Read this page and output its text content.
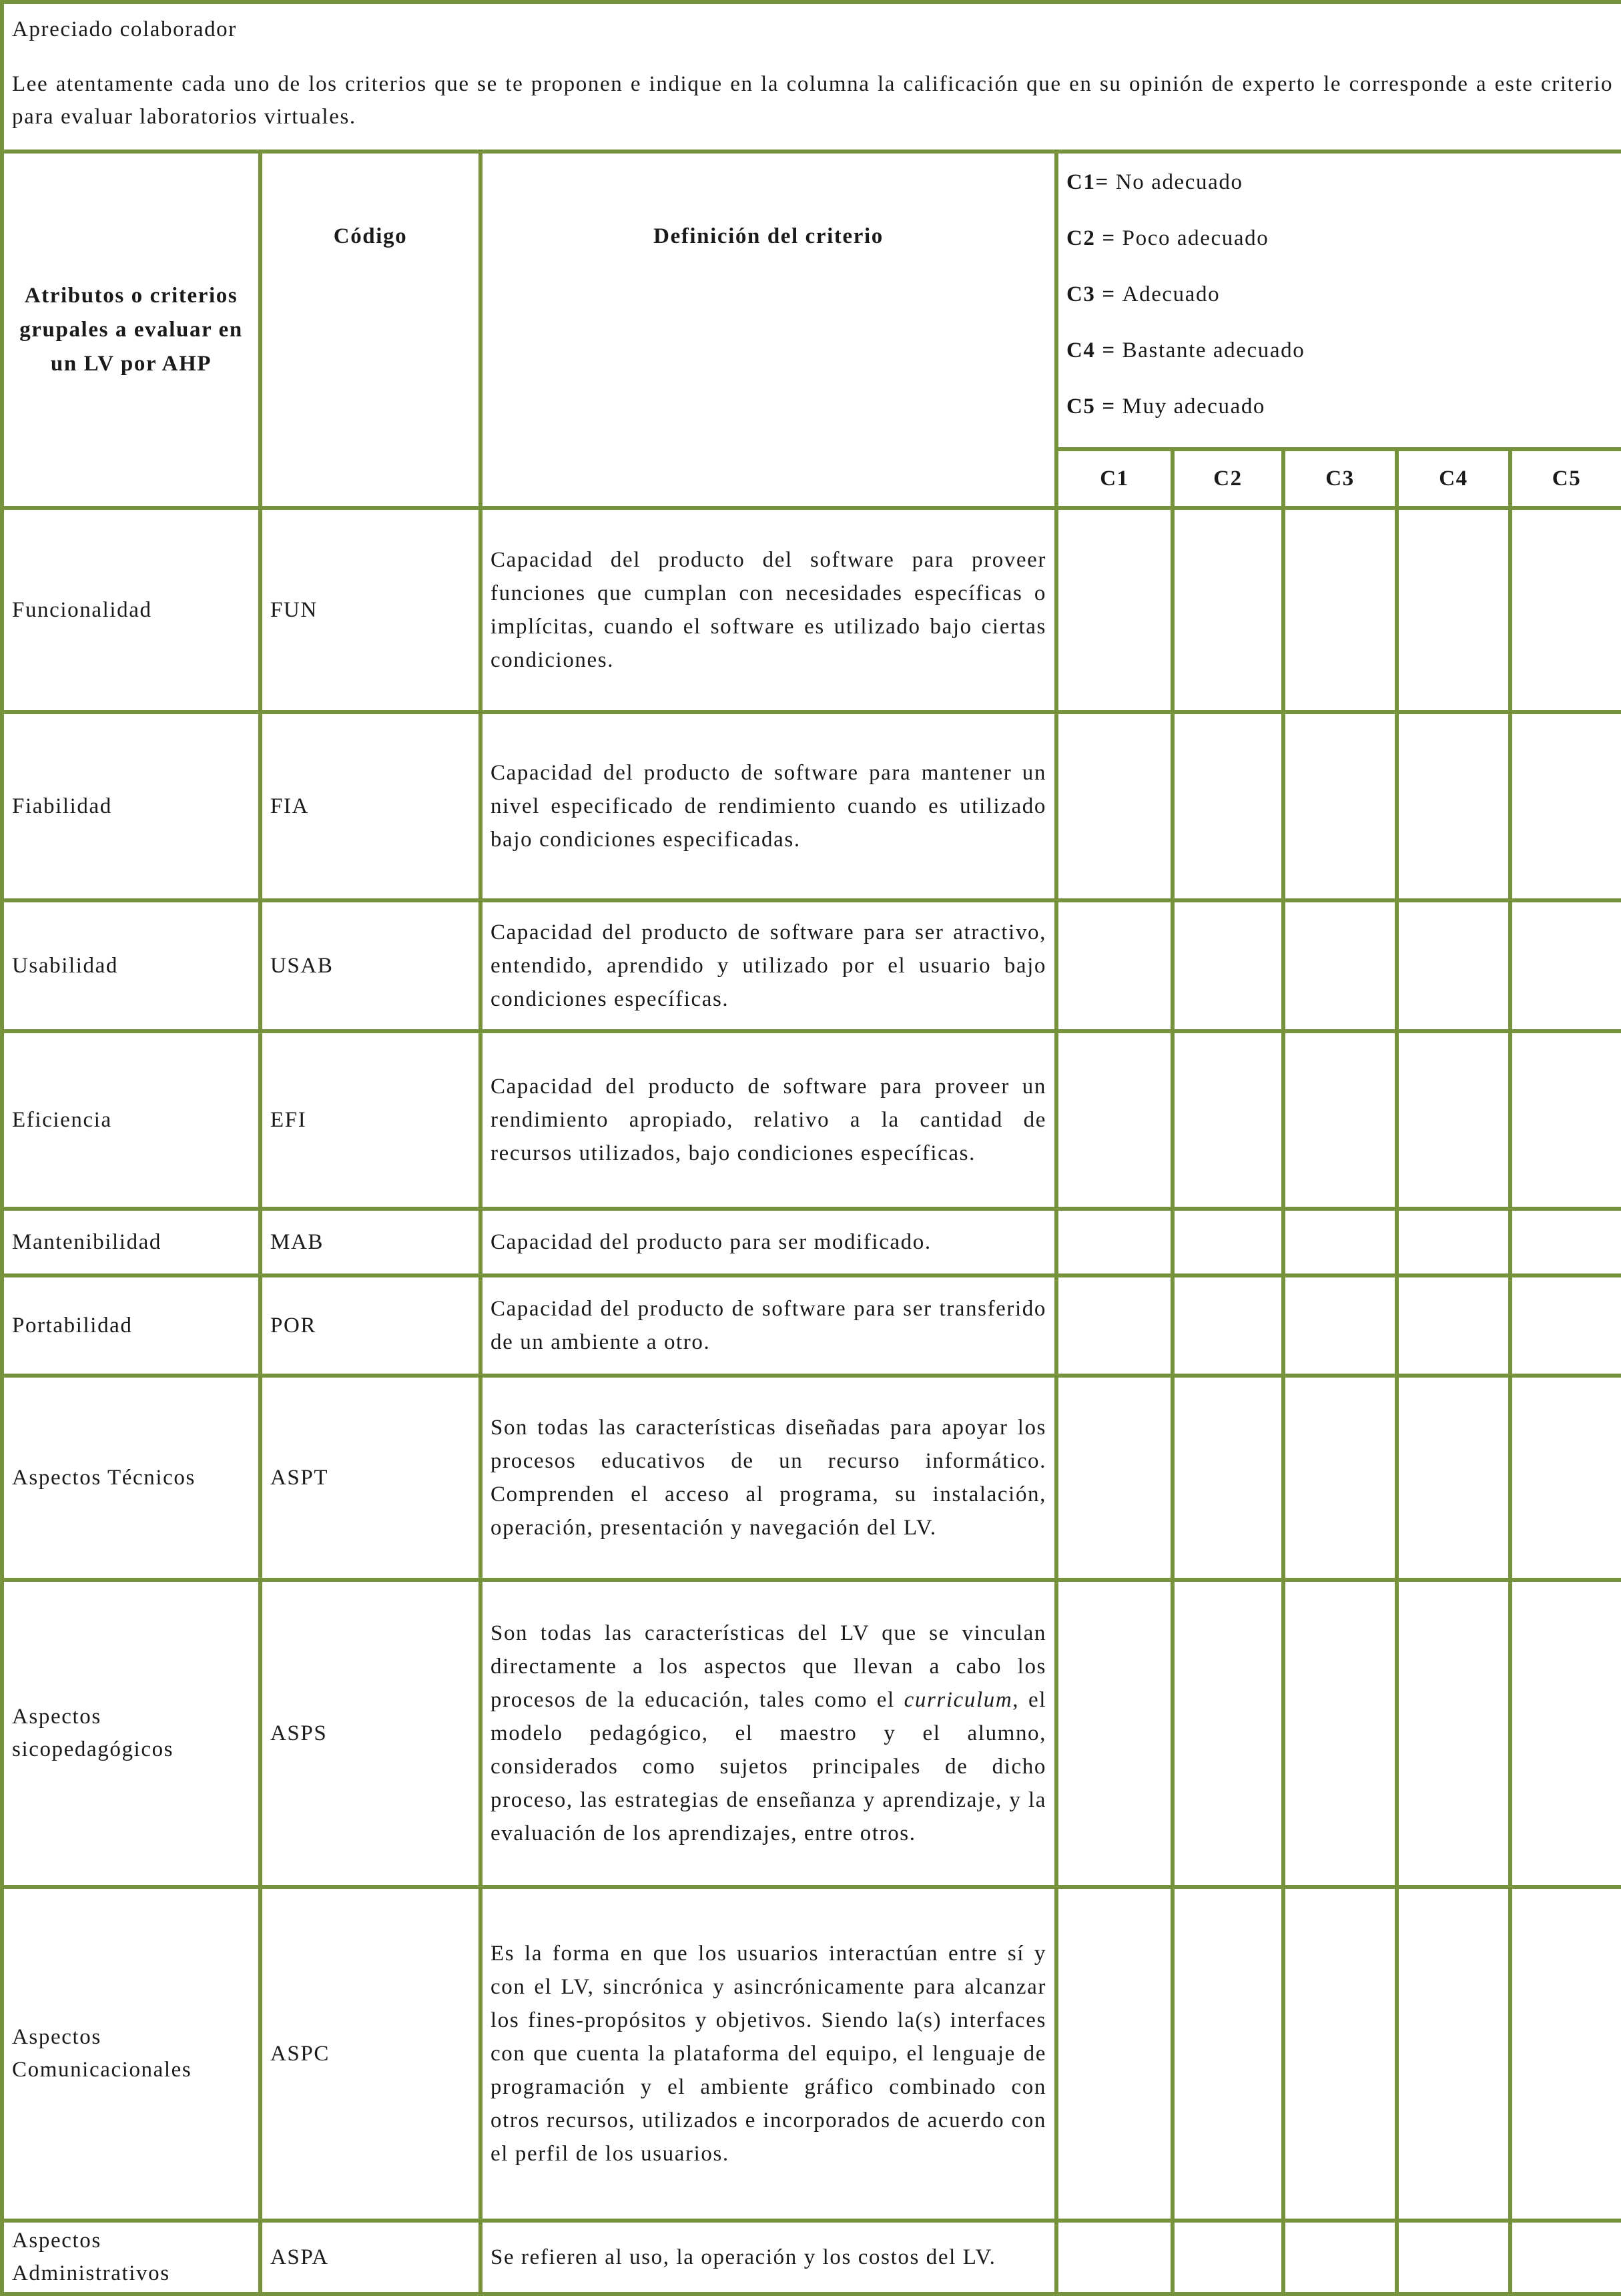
Apreciado colaborador

Lee atentamente cada uno de los criterios que se te proponen e indique en la columna la calificación que en su opinión de experto le corresponde a este criterio para evaluar laboratorios virtuales.							

Atributos o criterios grupales a evaluar en un LV por AHP	Código	Definición del criterio	C1= No adecuado
C2 = Poco adecuado
C3 = Adecuado
C4 = Bastante adecuado
C5 = Muy adecuado				

			C1	C2	C3	C4	C5
Funcionalidad	FUN	Capacidad del producto del software para proveer funciones que cumplan con necesidades específicas o implícitas, cuando el software es utilizado bajo ciertas condiciones.					
Fiabilidad	FIA	Capacidad del producto de software para mantener un nivel especificado de rendimiento cuando es utilizado bajo condiciones especificadas.					
Usabilidad	USAB	Capacidad del producto de software para ser atractivo, entendido, aprendido y utilizado por el usuario bajo condiciones específicas.					
Eficiencia	EFI	Capacidad del producto de software para proveer un rendimiento apropiado, relativo a la cantidad de recursos utilizados, bajo condiciones específicas.					
Mantenibilidad	MAB	Capacidad del producto para ser modificado.					
Portabilidad	POR	Capacidad del producto de software para ser transferido de un ambiente a otro.					
Aspectos Técnicos	ASPT	Son todas las características diseñadas para apoyar los procesos educativos de un recurso informático. Comprenden el acceso al programa, su instalación, operación, presentación y navegación del LV.					
Aspectos sicopedagógicos	ASPS	Son todas las características del LV que se vinculan directamente a los aspectos que llevan a cabo los procesos de la educación, tales como el curriculum, el modelo pedagógico, el maestro y el alumno, considerados como sujetos principales de dicho proceso, las estrategias de enseñanza y aprendizaje, y la evaluación de los aprendizajes, entre otros.					
Aspectos Comunicacionales	ASPC	Es la forma en que los usuarios interactúan entre sí y con el LV, sincrónica y asincrónicamente para alcanzar los fines-propósitos y objetivos. Siendo la(s) interfaces con que cuenta la plataforma del equipo, el lenguaje de programación y el ambiente gráfico combinado con otros recursos, utilizados e incorporados de acuerdo con el perfil de los usuarios.					
Aspectos Administrativos	ASPA	Se refieren al uso, la operación y los costos del LV.					
